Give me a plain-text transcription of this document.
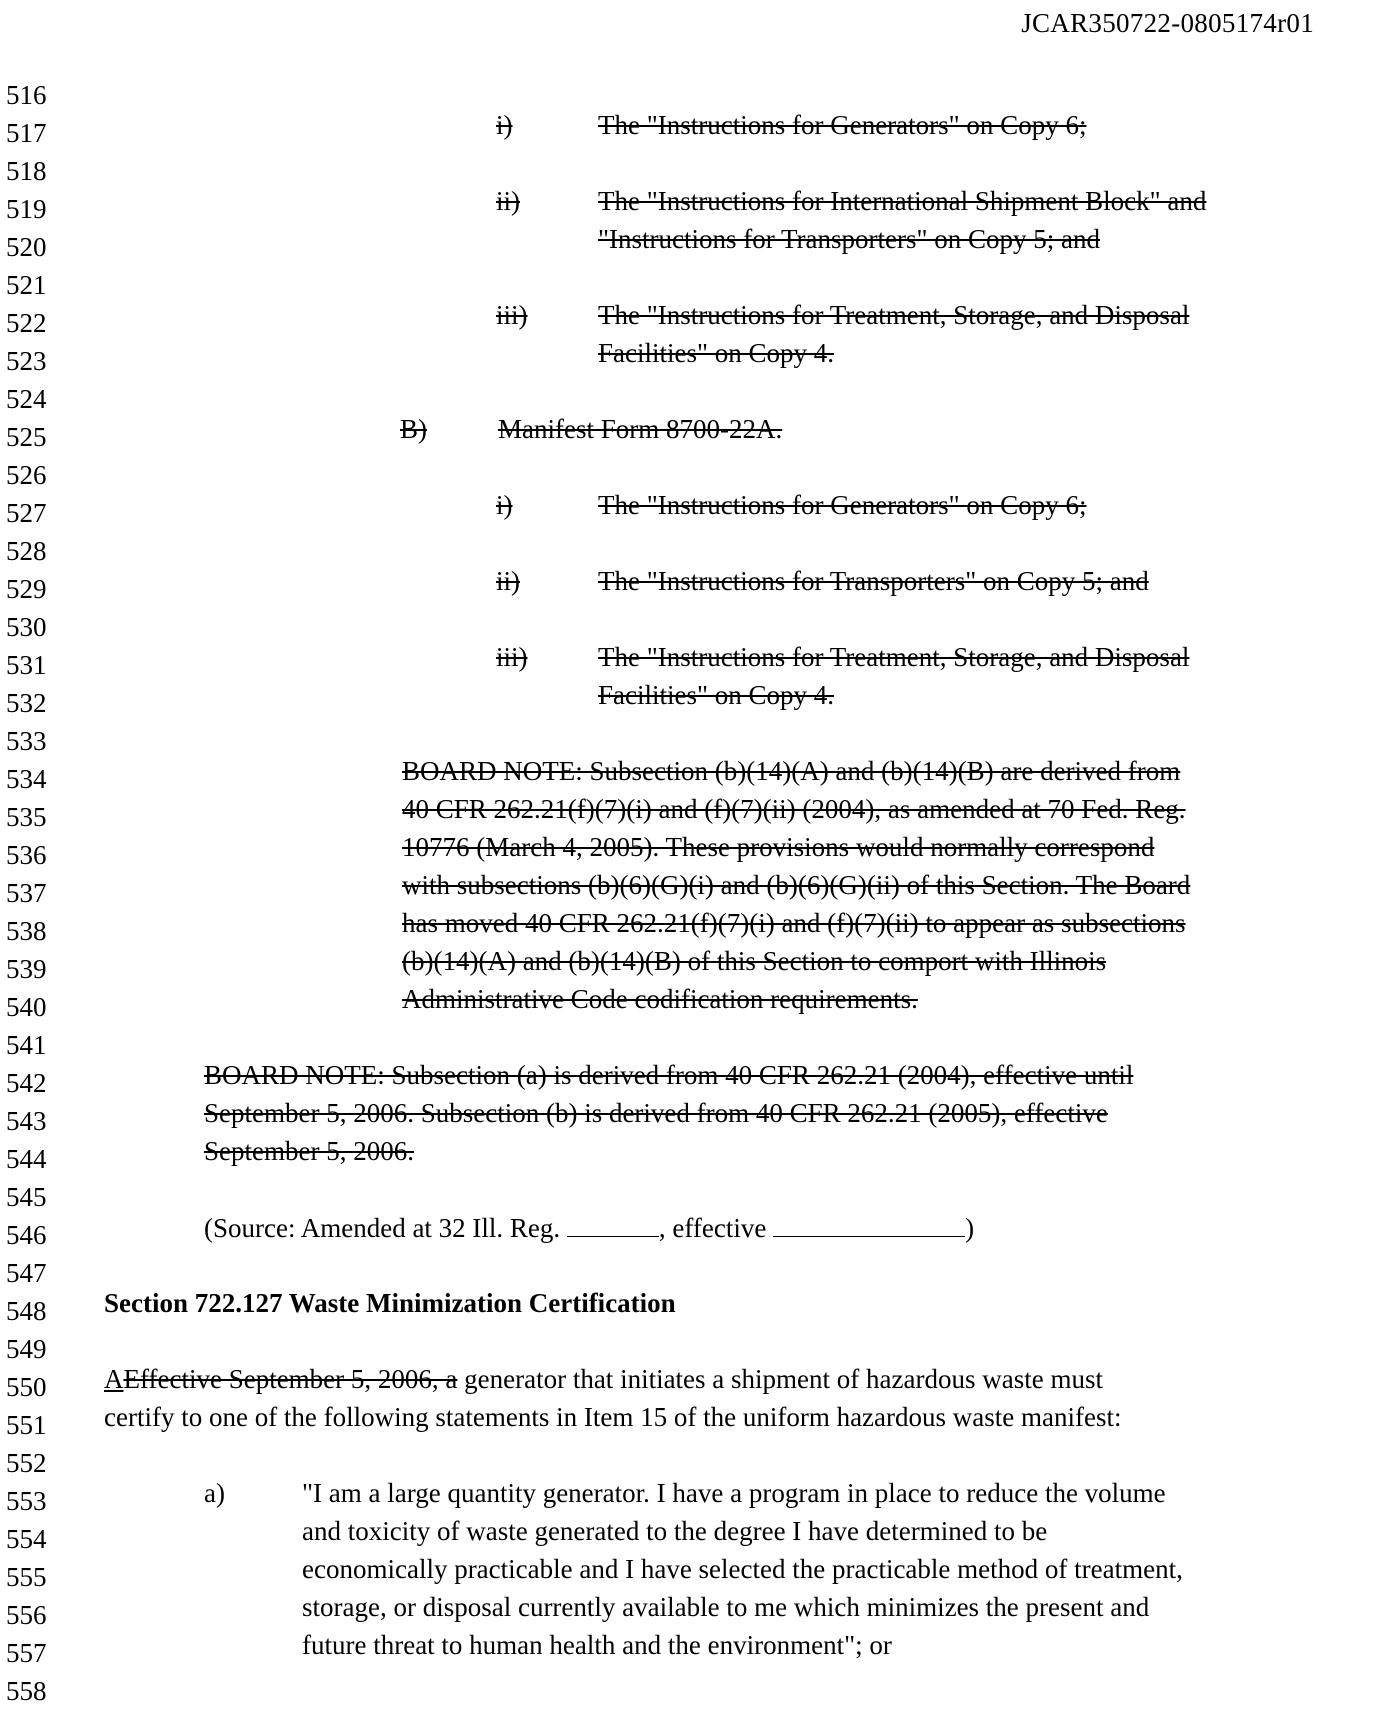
JCAR350722-0805174r01
516
517
518
519
520
521
522
523
524
525
526
527
528
529
530
531
532
533
534
535
536
537
538
539
540
541
542
543
544
545
546
547
548
549
550
551
552
553
554
555
556
557
558
i)	The "Instructions for Generators" on Copy 6;
ii)	The "Instructions for International Shipment Block" and
"Instructions for Transporters" on Copy 5; and
iii)	The "Instructions for Treatment, Storage, and Disposal
Facilities" on Copy 4.
B)	Manifest Form 8700-22A.
i)	The "Instructions for Generators" on Copy 6;
ii)	The "Instructions for Transporters" on Copy 5; and
iii)	The "Instructions for Treatment, Storage, and Disposal
Facilities" on Copy 4.
BOARD NOTE: Subsection (b)(14)(A) and (b)(14)(B) are derived from
40 CFR 262.21(f)(7)(i) and (f)(7)(ii) (2004), as amended at 70 Fed. Reg.
10776 (March 4, 2005). These provisions would normally correspond
with subsections (b)(6)(G)(i) and (b)(6)(G)(ii) of this Section. The Board
has moved 40 CFR 262.21(f)(7)(i) and (f)(7)(ii) to appear as subsections
(b)(14)(A) and (b)(14)(B) of this Section to comport with Illinois
Administrative Code codification requirements.
BOARD NOTE: Subsection (a) is derived from 40 CFR 262.21 (2004), effective until
September 5, 2006. Subsection (b) is derived from 40 CFR 262.21 (2005), effective
September 5, 2006.
(Source: Amended at 32 Ill. Reg.	, effective	)
Section 722.127 Waste Minimization Certification
AEffective September 5, 2006, a generator that initiates a shipment of hazardous waste must
certify to one of the following statements in Item 15 of the uniform hazardous waste manifest:
a)	"I am a large quantity generator. I have a program in place to reduce the volume
and toxicity of waste generated to the degree I have determined to be
economically practicable and I have selected the practicable method of treatment,
storage, or disposal currently available to me which minimizes the present and
future threat to human health and the environment"; or
